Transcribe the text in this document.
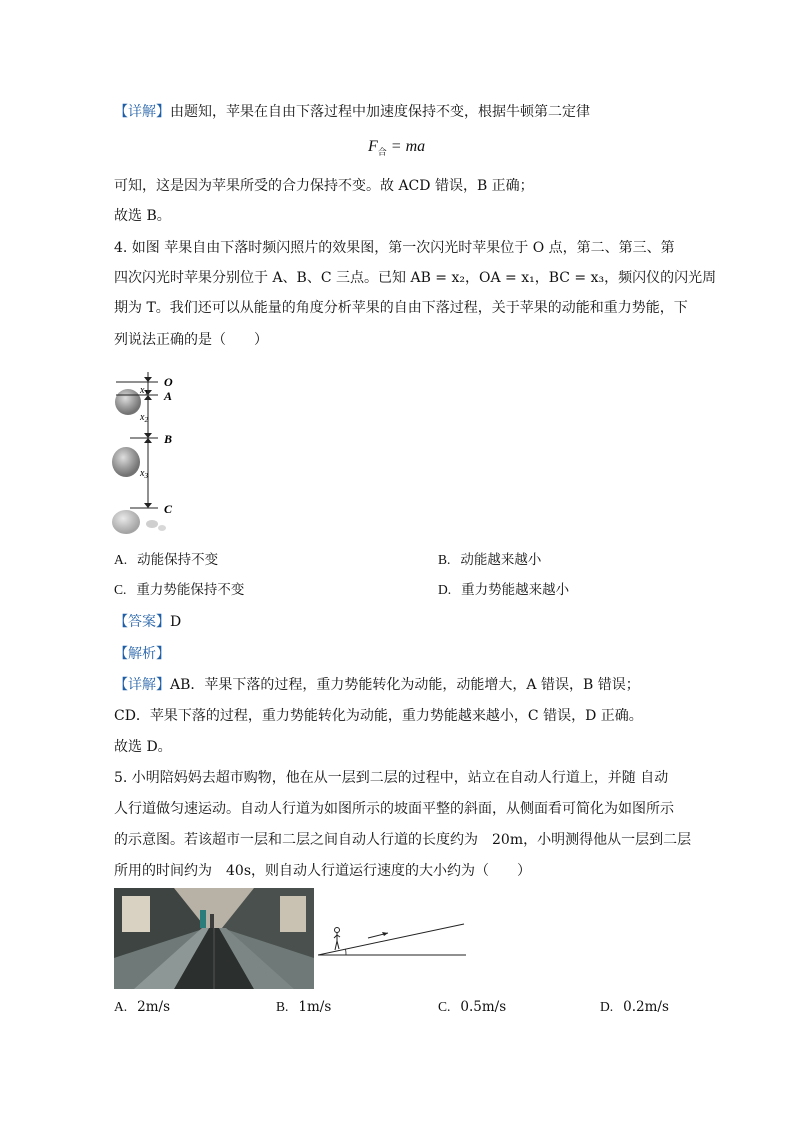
【详解】由题知，苹果在自由下落过程中加速度保持不变，根据牛顿第二定律
$F_合$ = ma
可知，这是因为苹果所受的合力保持不变。故 ACD 错误，B 正确；
故选 B。
4. 如图 苹果自由下落时频闪照片的效果图，第一次闪光时苹果位于 O 点，第二、第三、第
四次闪光时苹果分别位于 A、B、C 三点。已知 AB = x₂，OA = x₁，BC = x₃，频闪仪的闪光周
期为 T。我们还可以从能量的角度分析苹果的自由下落过程，关于苹果的动能和重力势能，下
列说法正确的是（　　）
$x_1$
$x_2$
$x_3$
O
A
B
C
A. 动能保持不变	B. 动能越来越小
C. 重力势能保持不变	D. 重力势能越来越小
【答案】D
【解析】
【详解】AB．苹果下落的过程，重力势能转化为动能，动能增大，A 错误，B 错误；
CD．苹果下落的过程，重力势能转化为动能，重力势能越来越小，C 错误，D 正确。
故选 D。
5. 小明陪妈妈去超市购物，他在从一层到二层的过程中，站立在自动人行道上，并随 自动
人行道做匀速运动。自动人行道为如图所示的坡面平整的斜面，从侧面看可简化为如图所示
的示意图。若该超市一层和二层之间自动人行道的长度约为　20m，小明测得他从一层到二层
所用的时间约为　40s，则自动人行道运行速度的大小约为（　　）
A. 2m/s	B. 1m/s	C. 0.5m/s	D. 0.2m/s
